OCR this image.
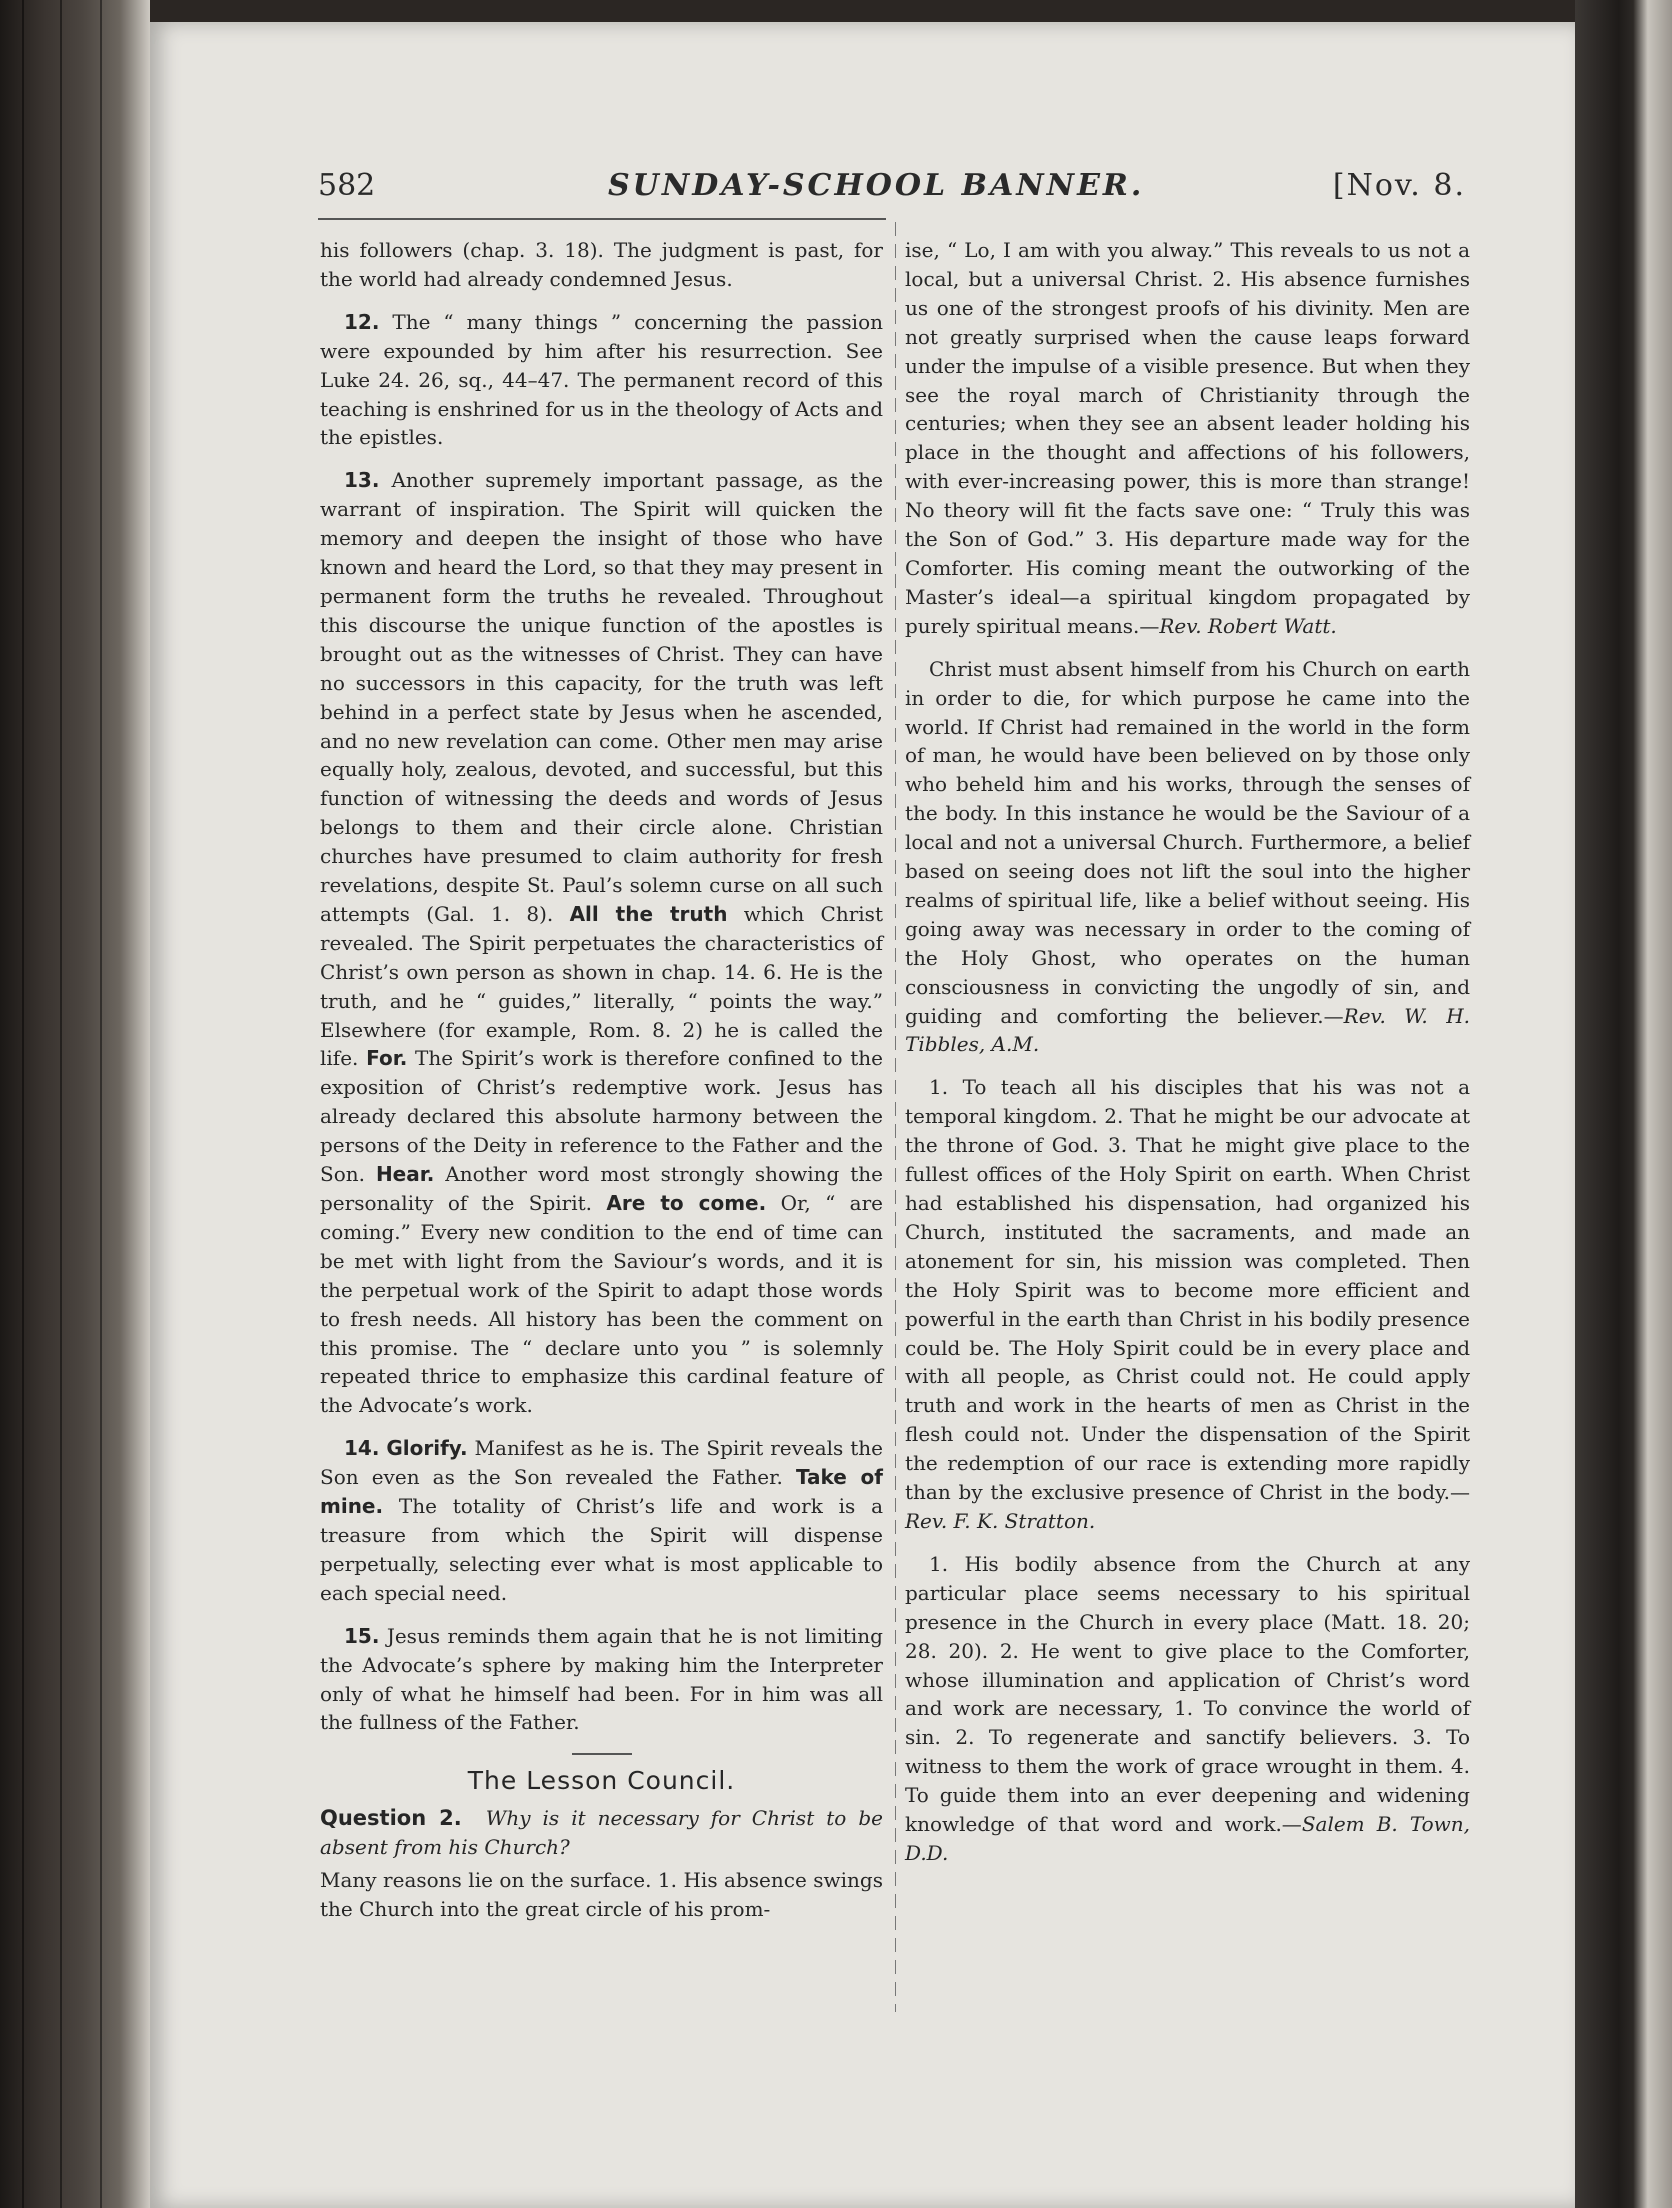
582	SUNDAY-SCHOOL BANNER.	[Nov. 8.

his followers (chap. 3. 18). The judgment is past, for the world had already condemned Jesus.

12. The “ many things ” concerning the passion were expounded by him after his resurrection. See Luke 24. 26, sq., 44–47. The permanent record of this teaching is enshrined for us in the theology of Acts and the epistles.

13. Another supremely important passage, as the warrant of inspiration. The Spirit will quicken the memory and deepen the insight of those who have known and heard the Lord, so that they may present in permanent form the truths he revealed. Throughout this discourse the unique function of the apostles is brought out as the witnesses of Christ. They can have no successors in this capacity, for the truth was left behind in a perfect state by Jesus when he ascended, and no new revelation can come. Other men may arise equally holy, zealous, devoted, and successful, but this function of witnessing the deeds and words of Jesus belongs to them and their circle alone. Christian churches have presumed to claim authority for fresh revelations, despite St. Paul’s solemn curse on all such attempts (Gal. 1. 8). All the truth which Christ revealed. The Spirit perpetuates the characteristics of Christ’s own person as shown in chap. 14. 6. He is the truth, and he “ guides,” literally, “ points the way.” Elsewhere (for example, Rom. 8. 2) he is called the life. For. The Spirit’s work is therefore confined to the exposition of Christ’s redemptive work. Jesus has already declared this absolute harmony between the persons of the Deity in reference to the Father and the Son. Hear. Another word most strongly showing the personality of the Spirit. Are to come. Or, “ are coming.” Every new condition to the end of time can be met with light from the Saviour’s words, and it is the perpetual work of the Spirit to adapt those words to fresh needs. All history has been the comment on this promise. The “ declare unto you ” is solemnly repeated thrice to emphasize this cardinal feature of the Advocate’s work.

14. Glorify. Manifest as he is. The Spirit reveals the Son even as the Son revealed the Father. Take of mine. The totality of Christ’s life and work is a treasure from which the Spirit will dispense perpetually, selecting ever what is most applicable to each special need.

15. Jesus reminds them again that he is not limiting the Advocate’s sphere by making him the Interpreter only of what he himself had been. For in him was all the fullness of the Father.

The Lesson Council.

Question 2. Why is it necessary for Christ to be absent from his Church?

Many reasons lie on the surface. 1. His absence swings the Church into the great circle of his prom-

ise, “ Lo, I am with you alway.” This reveals to us not a local, but a universal Christ. 2. His absence furnishes us one of the strongest proofs of his divinity. Men are not greatly surprised when the cause leaps forward under the impulse of a visible presence. But when they see the royal march of Christianity through the centuries; when they see an absent leader holding his place in the thought and affections of his followers, with ever-increasing power, this is more than strange! No theory will fit the facts save one: “ Truly this was the Son of God.” 3. His departure made way for the Comforter. His coming meant the outworking of the Master’s ideal—a spiritual kingdom propagated by purely spiritual means.—Rev. Robert Watt.

Christ must absent himself from his Church on earth in order to die, for which purpose he came into the world. If Christ had remained in the world in the form of man, he would have been believed on by those only who beheld him and his works, through the senses of the body. In this instance he would be the Saviour of a local and not a universal Church. Furthermore, a belief based on seeing does not lift the soul into the higher realms of spiritual life, like a belief without seeing. His going away was necessary in order to the coming of the Holy Ghost, who operates on the human consciousness in convicting the ungodly of sin, and guiding and comforting the believer.—Rev. W. H. Tibbles, A.M.

1. To teach all his disciples that his was not a temporal kingdom. 2. That he might be our advocate at the throne of God. 3. That he might give place to the fullest offices of the Holy Spirit on earth. When Christ had established his dispensation, had organized his Church, instituted the sacraments, and made an atonement for sin, his mission was completed. Then the Holy Spirit was to become more efficient and powerful in the earth than Christ in his bodily presence could be. The Holy Spirit could be in every place and with all people, as Christ could not. He could apply truth and work in the hearts of men as Christ in the flesh could not. Under the dispensation of the Spirit the redemption of our race is extending more rapidly than by the exclusive presence of Christ in the body.—Rev. F. K. Stratton.

1. His bodily absence from the Church at any particular place seems necessary to his spiritual presence in the Church in every place (Matt. 18. 20; 28. 20). 2. He went to give place to the Comforter, whose illumination and application of Christ’s word and work are necessary, 1. To convince the world of sin. 2. To regenerate and sanctify believers. 3. To witness to them the work of grace wrought in them. 4. To guide them into an ever deepening and widening knowledge of that word and work.—Salem B. Town, D.D.
